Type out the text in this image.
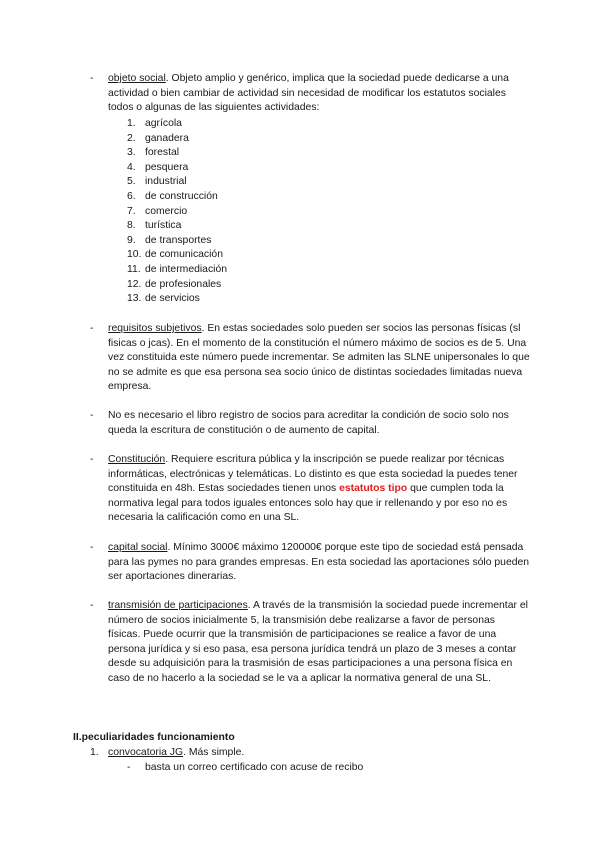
- objeto social. Objeto amplio y genérico, implica que la sociedad puede dedicarse a una actividad o bien cambiar de actividad sin necesidad de modificar los estatutos sociales todos o algunas de las siguientes actividades:
1. agrícola
2. ganadera
3. forestal
4. pesquera
5. industrial
6. de construcción
7. comercio
8. turística
9. de transportes
10. de comunicación
11. de intermediación
12. de profesionales
13. de servicios
- requisitos subjetivos. En estas sociedades solo pueden ser socios las personas físicas (sl fisicas o jcas). En el momento de la constitución el número máximo de socios es de 5. Una vez constituida este número puede incrementar. Se admiten las SLNE unipersonales lo que no se admite es que esa persona sea socio único de distintas sociedades limitadas nueva empresa.
- No es necesario el libro registro de socios para acreditar la condición de socio solo nos queda la escritura de constitución o de aumento de capital.
- Constitución. Requiere escritura pública y la inscripción se puede realizar por técnicas informáticas, electrónicas y telemáticas. Lo distinto es que esta sociedad la puedes tener constituida en 48h. Estas sociedades tienen unos estatutos tipo que cumplen toda la normativa legal para todos iguales entonces solo hay que ir rellenando y por eso no es necesaria la calificación como en una SL.
- capital social. Mínimo 3000€ máximo 120000€ porque este tipo de sociedad está pensada para las pymes no para grandes empresas. En esta sociedad las aportaciones sólo pueden ser aportaciones dinerarias.
- transmisión de participaciones. A través de la transmisión la sociedad puede incrementar el número de socios inicialmente 5, la transmisión debe realizarse a favor de personas físicas. Puede ocurrir que la transmisión de participaciones se realice a favor de una persona jurídica y si eso pasa, esa persona jurídica tendrá un plazo de 3 meses a contar desde su adquisición para la trasmisión de esas participaciones a una persona física en caso de no hacerlo a la sociedad se le va a aplicar la normativa general de una SL.
II.peculiaridades funcionamiento
1. convocatoria JG. Más simple.
- basta un correo certificado con acuse de recibo
